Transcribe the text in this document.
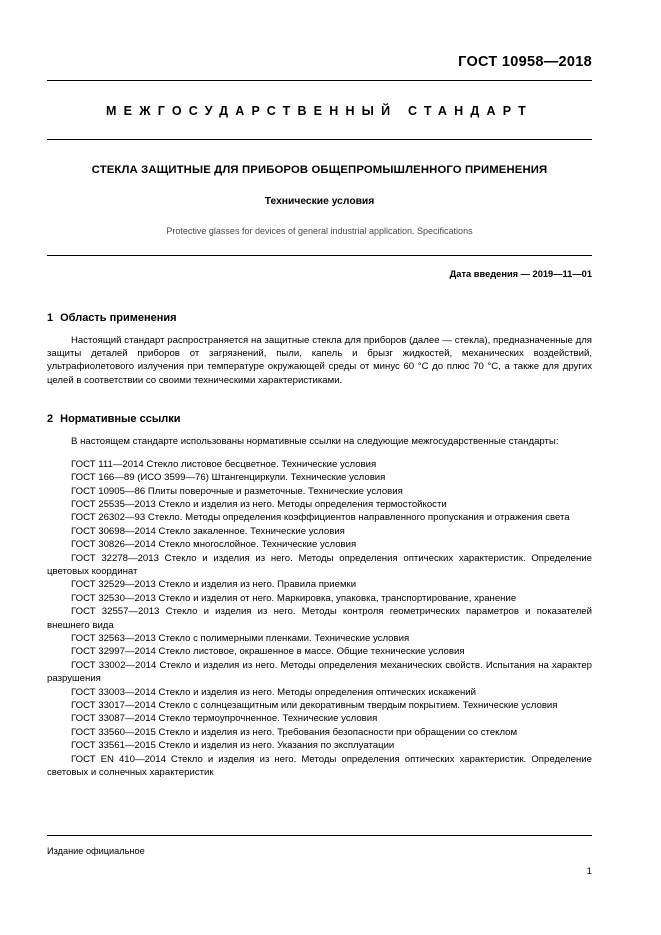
ГОСТ 10958—2018
МЕЖГОСУДАРСТВЕННЫЙ СТАНДАРТ
СТЕКЛА ЗАЩИТНЫЕ ДЛЯ ПРИБОРОВ ОБЩЕПРОМЫШЛЕННОГО ПРИМЕНЕНИЯ
Технические условия
Protective glasses for devices of general industrial application. Specifications
Дата введения — 2019—11—01
1 Область применения
Настоящий стандарт распространяется на защитные стекла для приборов (далее — стекла), предназначенные для защиты деталей приборов от загрязнений, пыли, капель и брызг жидкостей, механических воздействий, ультрафиолетового излучения при температуре окружающей среды от минус 60 °С до плюс 70 °С, а также для других целей в соответствии со своими техническими характеристиками.
2 Нормативные ссылки
В настоящем стандарте использованы нормативные ссылки на следующие межгосударственные стандарты:
ГОСТ 111—2014 Стекло листовое бесцветное. Технические условия
ГОСТ 166—89 (ИСО 3599—76) Штангенциркули. Технические условия
ГОСТ 10905—86 Плиты поверочные и разметочные. Технические условия
ГОСТ 25535—2013 Стекло и изделия из него. Методы определения термостойкости
ГОСТ 26302—93 Стекло. Методы определения коэффициентов направленного пропускания и отражения света
ГОСТ 30698—2014 Стекло закаленное. Технические условия
ГОСТ 30826—2014 Стекло многослойное. Технические условия
ГОСТ 32278—2013 Стекло и изделия из него. Методы определения оптических характеристик. Определение цветовых координат
ГОСТ 32529—2013 Стекло и изделия из него. Правила приемки
ГОСТ 32530—2013 Стекло и изделия от него. Маркировка, упаковка, транспортирование, хранение
ГОСТ 32557—2013 Стекло и изделия из него. Методы контроля геометрических параметров и показателей внешнего вида
ГОСТ 32563—2013 Стекло с полимерными пленками. Технические условия
ГОСТ 32997—2014 Стекло листовое, окрашенное в массе. Общие технические условия
ГОСТ 33002—2014 Стекло и изделия из него. Методы определения механических свойств. Испытания на характер разрушения
ГОСТ 33003—2014 Стекло и изделия из него. Методы определения оптических искажений
ГОСТ 33017—2014 Стекло с солнцезащитным или декоративным твердым покрытием. Технические условия
ГОСТ 33087—2014 Стекло термоупрочненное. Технические условия
ГОСТ 33560—2015 Стекло и изделия из него. Требования безопасности при обращении со стеклом
ГОСТ 33561—2015 Стекло и изделия из него. Указания по эксплуатации
ГОСТ EN 410—2014 Стекло и изделия из него. Методы определения оптических характеристик. Определение световых и солнечных характеристик
Издание официальное
1
